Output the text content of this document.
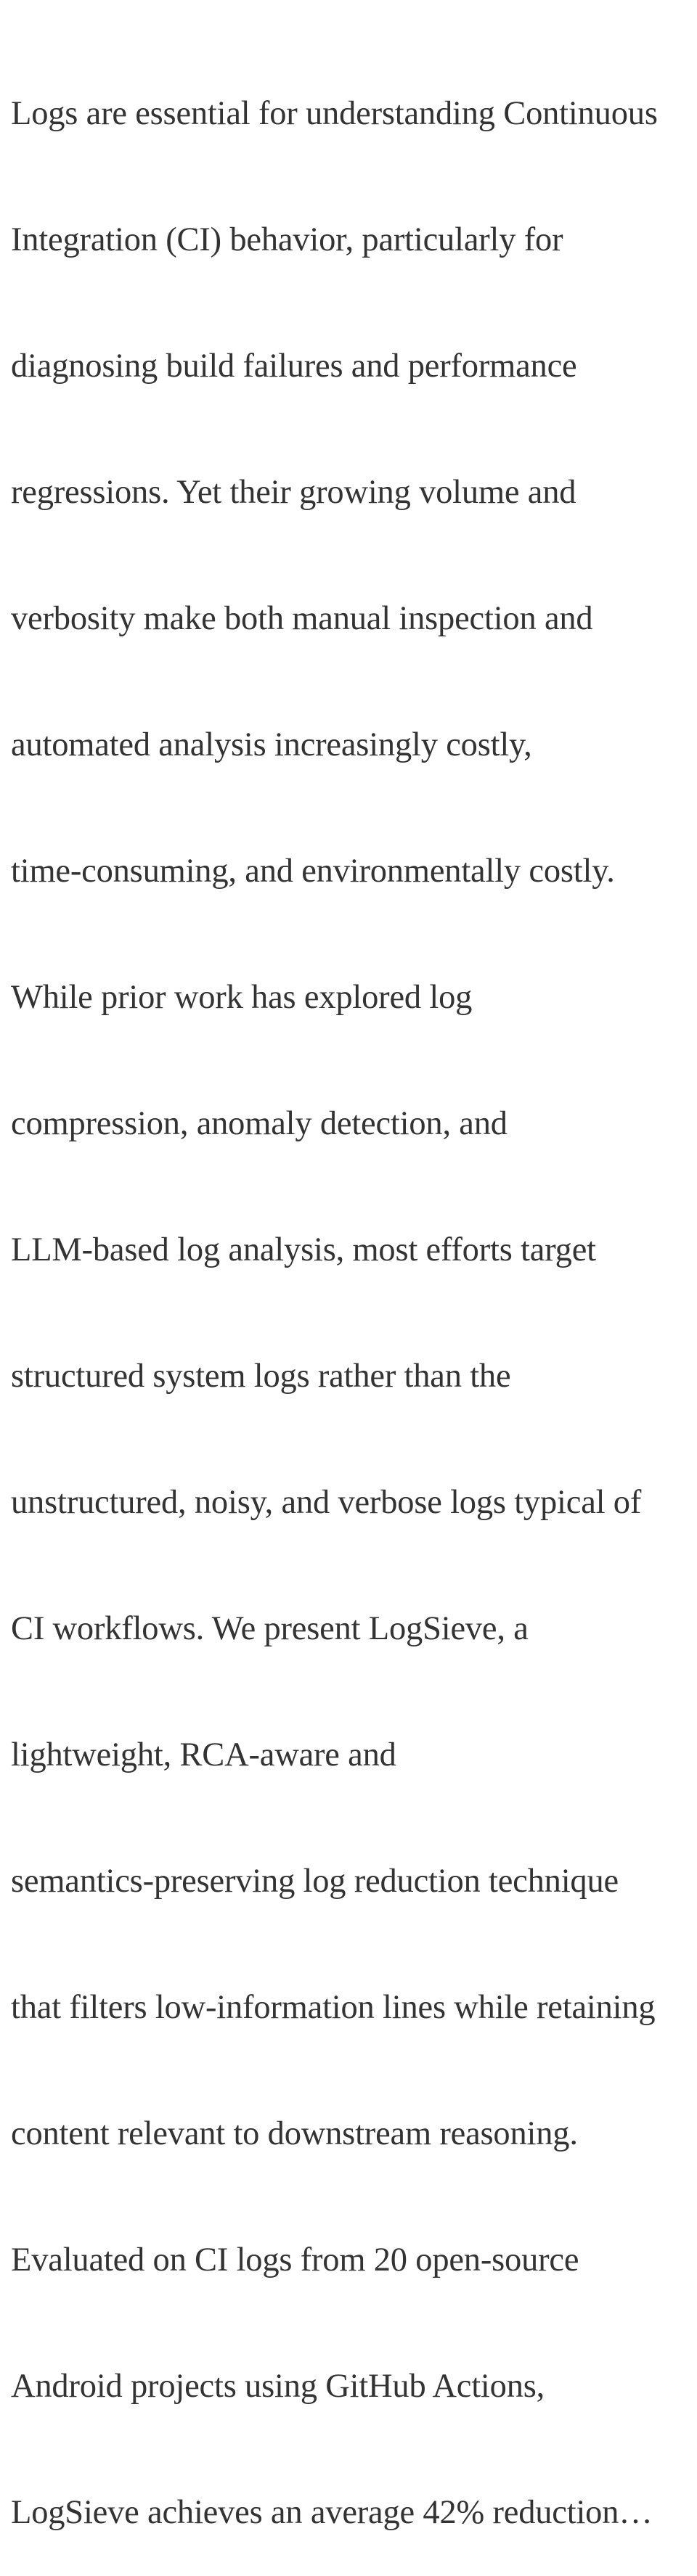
Logs are essential for understanding Continuous

Integration (CI) behavior, particularly for

diagnosing build failures and performance

regressions. Yet their growing volume and

verbosity make both manual inspection and

automated analysis increasingly costly,

time-consuming, and environmentally costly.

While prior work has explored log

compression, anomaly detection, and

LLM-based log analysis, most efforts target

structured system logs rather than the

unstructured, noisy, and verbose logs typical of

CI workflows. We present LogSieve, a

lightweight, RCA-aware and

semantics-preserving log reduction technique

that filters low-information lines while retaining

content relevant to downstream reasoning.

Evaluated on CI logs from 20 open-source

Android projects using GitHub Actions,

LogSieve achieves an average 42% reduction…
